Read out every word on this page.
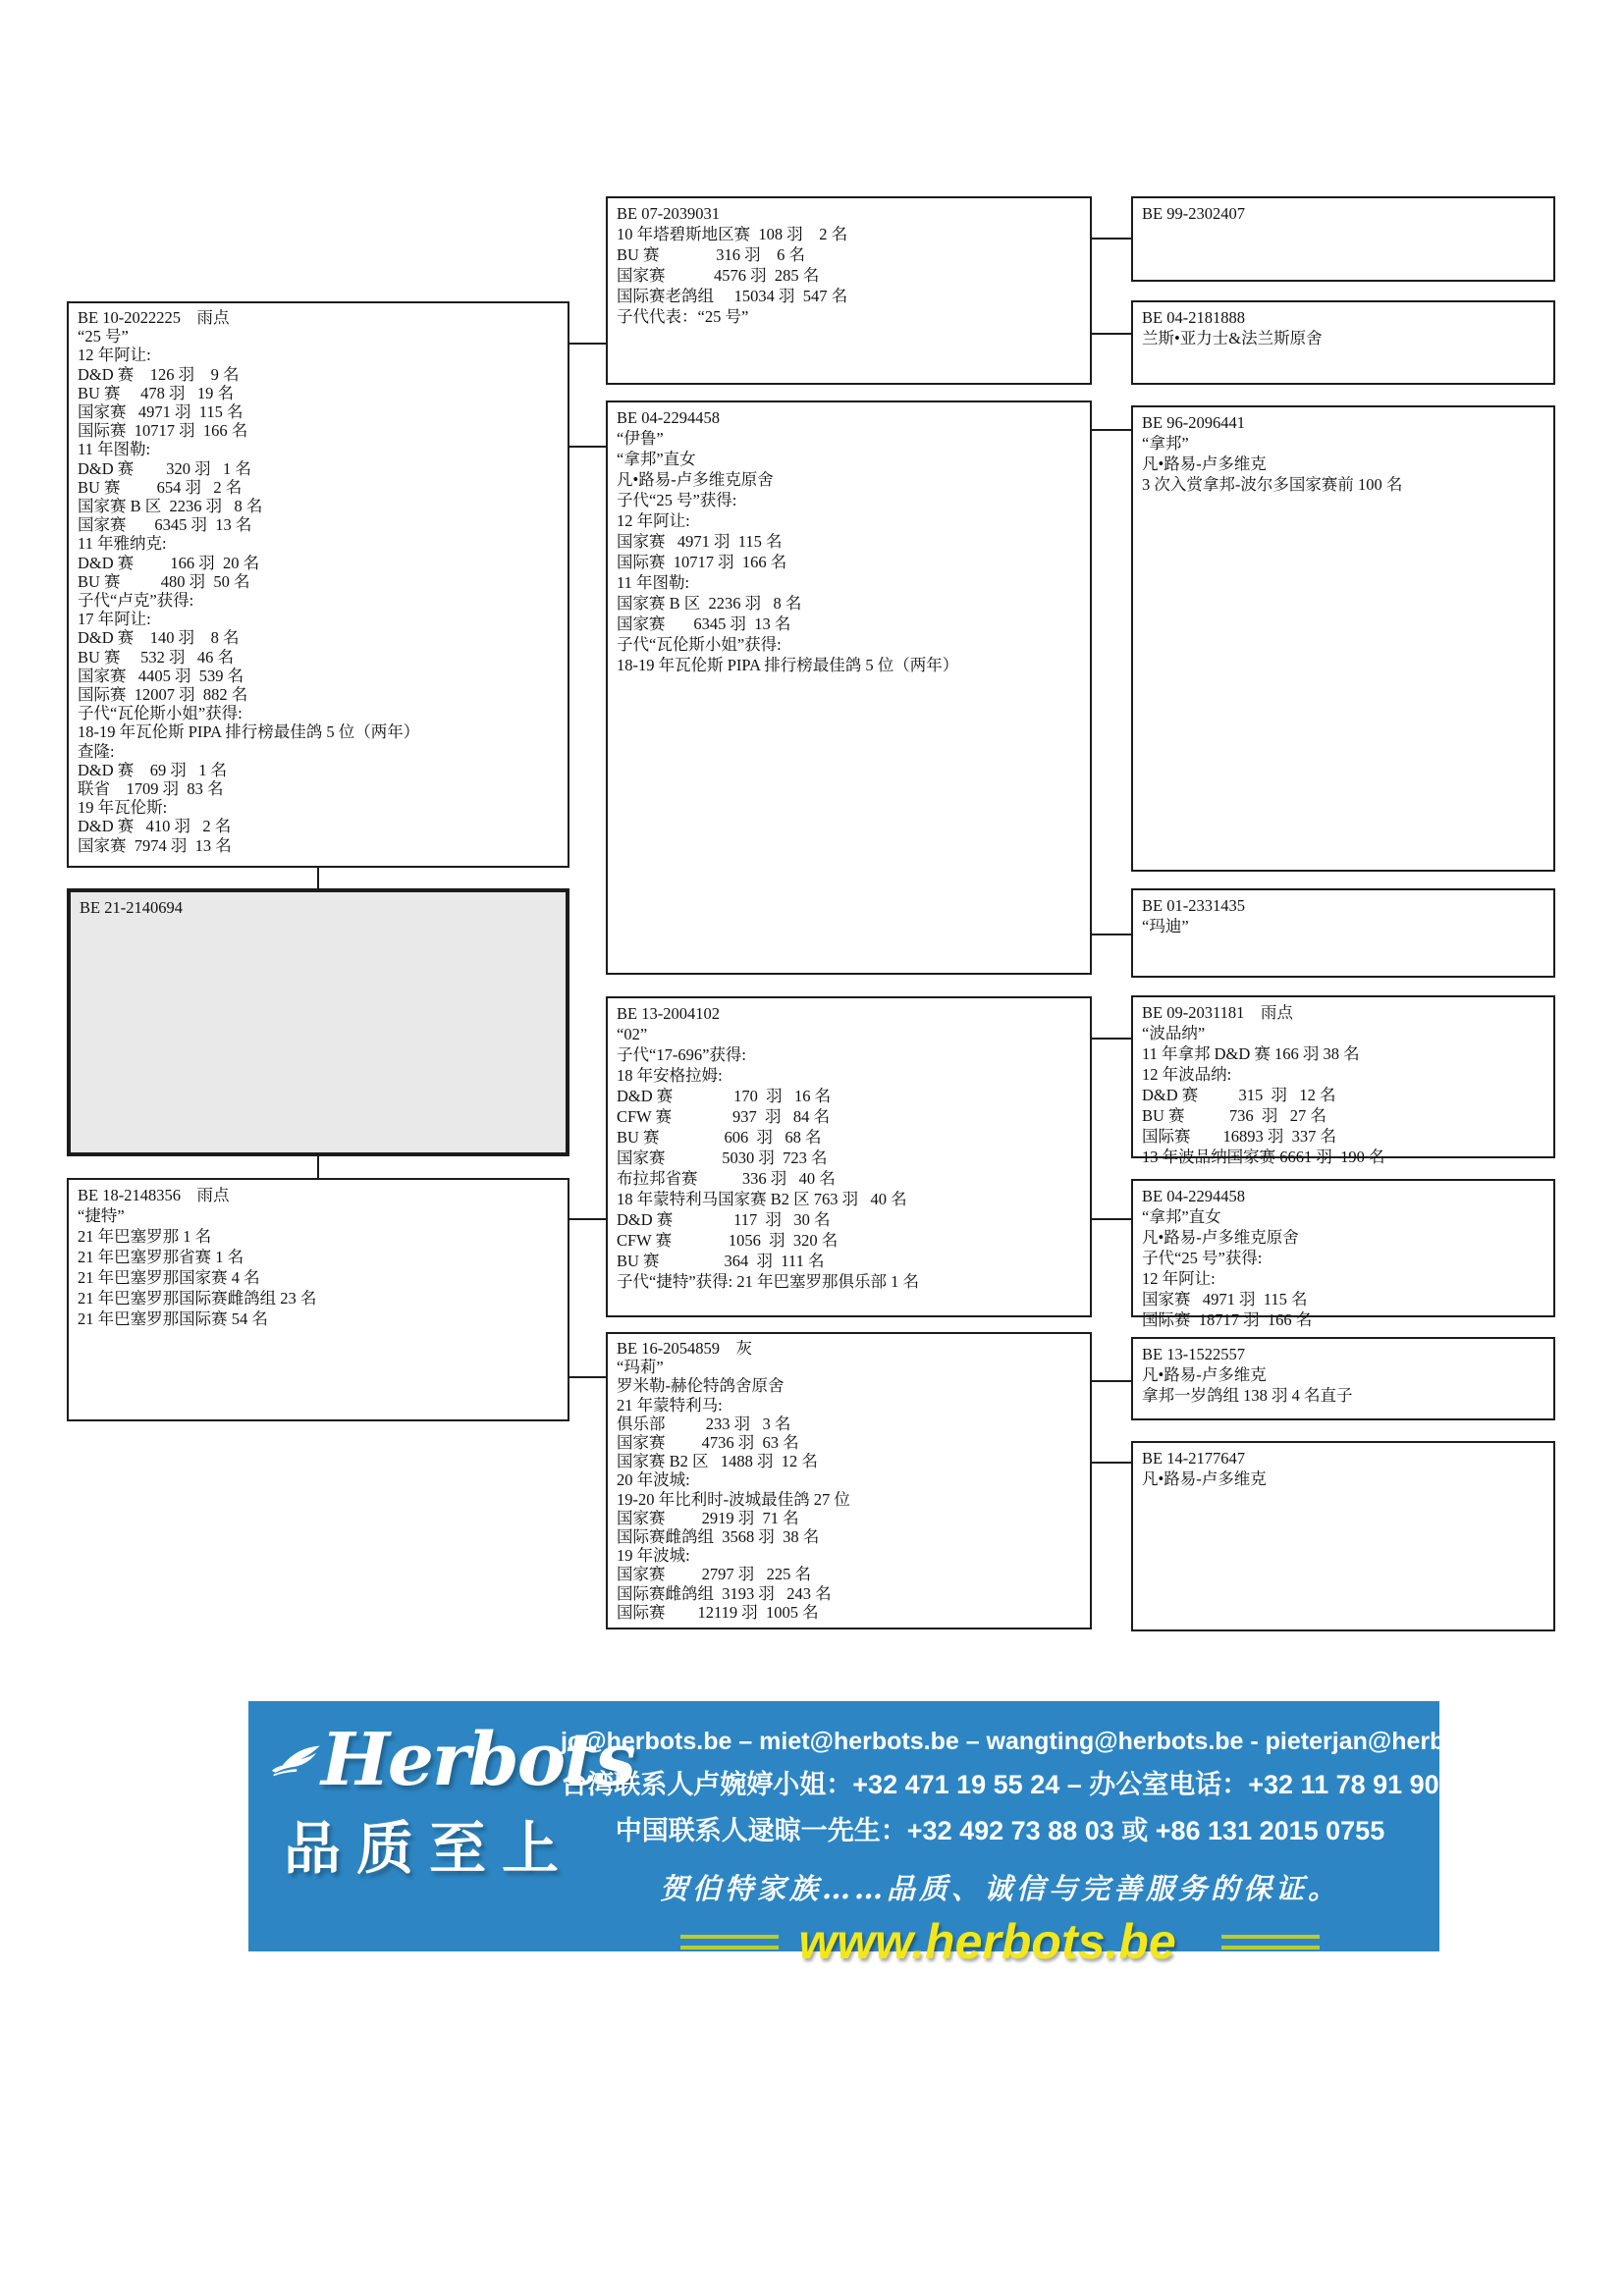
BE 10-2022225    雨点
“25 号”
12 年阿让:
D&D 赛    126 羽    9 名
BU 赛     478 羽   19 名
国家赛   4971 羽  115 名
国际赛  10717 羽  166 名
11 年图勒:
D&D 赛        320 羽   1 名
BU 赛         654 羽   2 名
国家赛 B 区  2236 羽   8 名
国家赛       6345 羽  13 名
11 年雅纳克:
D&D 赛         166 羽  20 名
BU 赛          480 羽  50 名
子代“卢克”获得:
17 年阿让:
D&D 赛    140 羽    8 名
BU 赛     532 羽   46 名
国家赛   4405 羽  539 名
国际赛  12007 羽  882 名
子代“瓦伦斯小姐”获得:
18-19 年瓦伦斯 PIPA 排行榜最佳鸽 5 位（两年）
查隆:
D&D 赛    69 羽   1 名
联省    1709 羽  83 名
19 年瓦伦斯:
D&D 赛   410 羽   2 名
国家赛  7974 羽  13 名
BE 21-2140694
BE 18-2148356    雨点
“捷特”
21 年巴塞罗那 1 名
21 年巴塞罗那省赛 1 名
21 年巴塞罗那国家赛 4 名
21 年巴塞罗那国际赛雌鸽组 23 名
21 年巴塞罗那国际赛 54 名
BE 07-2039031
10 年塔碧斯地区赛  108 羽    2 名
BU 赛              316 羽    6 名
国家赛            4576 羽  285 名
国际赛老鸽组     15034 羽  547 名
子代代表：“25 号”
BE 04-2294458
“伊鲁”
“拿邦”直女
凡•路易-卢多维克原舍
子代“25 号”获得:
12 年阿让:
国家赛   4971 羽  115 名
国际赛  10717 羽  166 名
11 年图勒:
国家赛 B 区  2236 羽   8 名
国家赛       6345 羽  13 名
子代“瓦伦斯小姐”获得:
18-19 年瓦伦斯 PIPA 排行榜最佳鸽 5 位（两年）
BE 13-2004102
“02”
子代“17-696”获得:
18 年安格拉姆:
D&D 赛               170  羽   16 名
CFW 赛               937  羽   84 名
BU 赛                606  羽   68 名
国家赛              5030 羽  723 名
布拉邦省赛           336 羽   40 名
18 年蒙特利马国家赛 B2 区 763 羽   40 名
D&D 赛               117  羽   30 名
CFW 赛              1056  羽  320 名
BU 赛                364  羽  111 名
子代“捷特”获得: 21 年巴塞罗那俱乐部 1 名
BE 16-2054859    灰
“玛莉”
罗米勒-赫伦特鸽舍原舍
21 年蒙特利马:
俱乐部          233 羽   3 名
国家赛         4736 羽  63 名
国家赛 B2 区   1488 羽  12 名
20 年波城:
19-20 年比利时-波城最佳鸽 27 位
国家赛         2919 羽  71 名
国际赛雌鸽组  3568 羽  38 名
19 年波城:
国家赛         2797 羽   225 名
国际赛雌鸽组  3193 羽   243 名
国际赛        12119 羽  1005 名
BE 99-2302407
BE 04-2181888
兰斯•亚力士&法兰斯原舍
BE 96-2096441
“拿邦”
凡•路易-卢多维克
3 次入赏拿邦-波尔多国家赛前 100 名
BE 01-2331435
“玛迪”
BE 09-2031181    雨点
“波品纳”
11 年拿邦 D&D 赛 166 羽 38 名
12 年波品纳:
D&D 赛          315  羽   12 名
BU 赛           736  羽   27 名
国际赛        16893 羽  337 名
13 年波品纳国家赛 6661 羽  190 名
BE 04-2294458
“拿邦”直女
凡•路易-卢多维克原舍
子代“25 号”获得:
12 年阿让:
国家赛   4971 羽  115 名
国际赛  18717 羽  166 名
BE 13-1522557
凡•路易-卢多维克
拿邦一岁鸽组 138 羽 4 名直子
BE 14-2177647
凡•路易-卢多维克
Herbots
品质至上
jo@herbots.be – miet@herbots.be – wangting@herbots.be - pieterjan@herbots.be
台湾联系人卢婉婷小姐：+32 471 19 55 24 – 办公室电话：+32 11 78 91 90
中国联系人逯晾一先生：+32 492 73 88 03 或 +86 131 2015 0755
贺伯特家族……品质、诚信与完善服务的保证。
www.herbots.be
